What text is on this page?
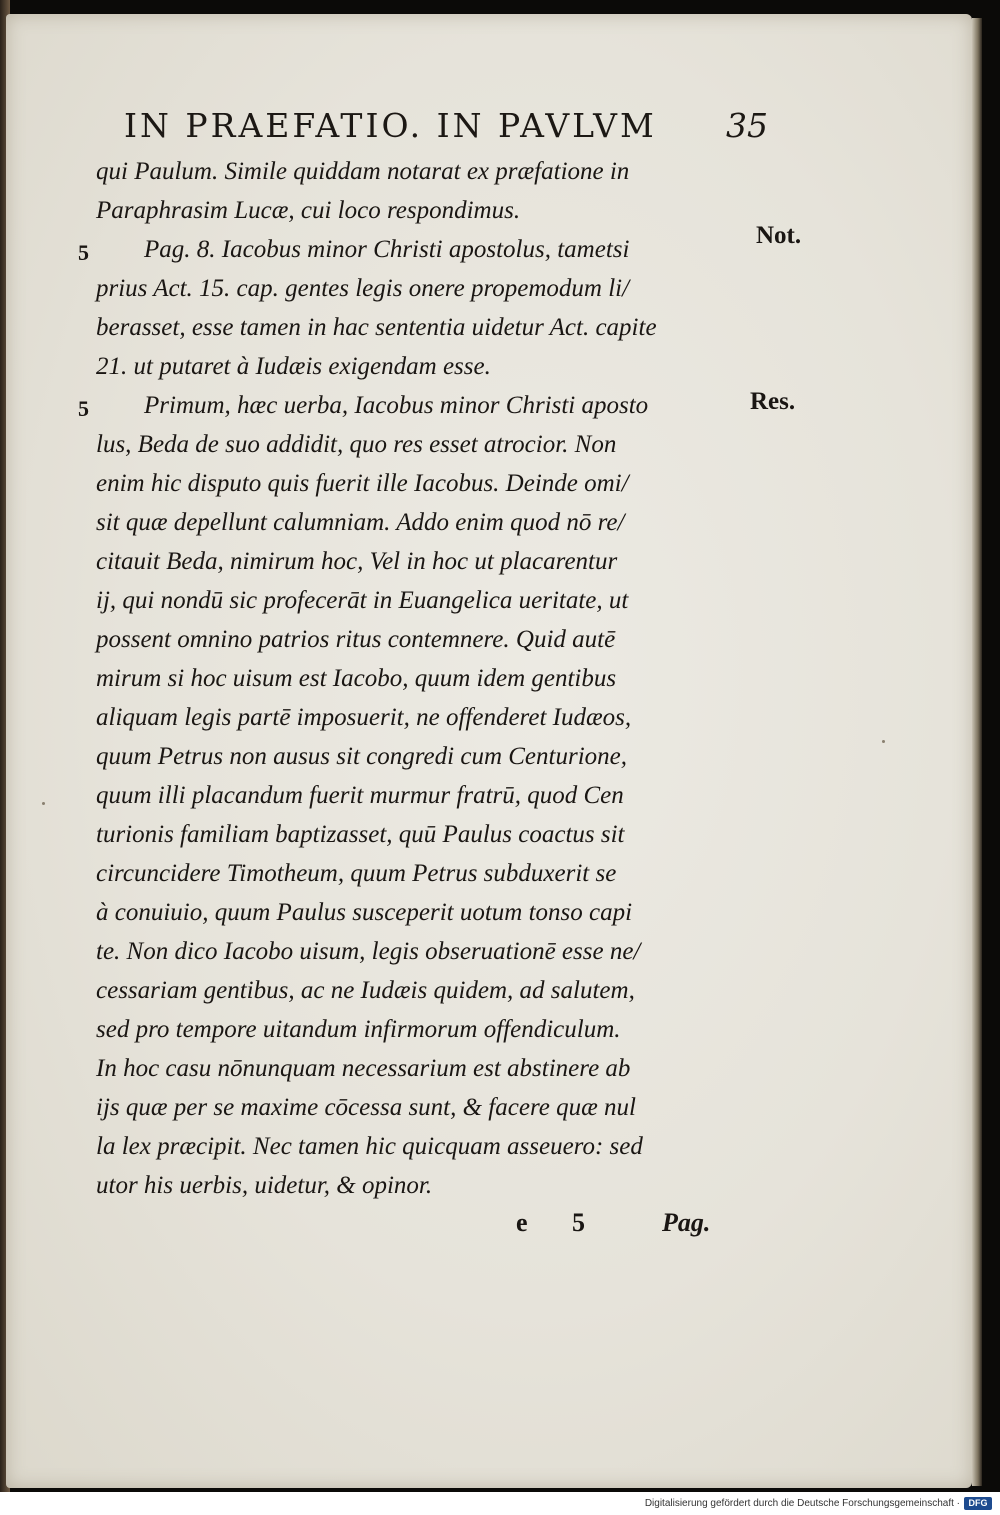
IN PRAEFATIO. IN PAVLVM 35
qui Paulum. Simile quiddam notarat ex præfatione in
Paraphrasim Lucæ, cui loco respondimus.
Pag. 8. Iacobus minor Christi apostolus, tametsi
prius Act. 15. cap. gentes legis onere propemodum li/
berasset, esse tamen in hac sententia uidetur Act. capite
21. ut putaret à Iudæis exigendam esse.
Primum, hæc uerba, Iacobus minor Christi aposto
lus, Beda de suo addidit, quo res esset atrocior. Non
enim hic disputo quis fuerit ille Iacobus. Deinde omi/
sit quæ depellunt calumniam. Addo enim quod nō re/
citauit Beda, nimirum hoc, Vel in hoc ut placarentur
ij, qui nondū sic profecerāt in Euangelica ueritate, ut
possent omnino patrios ritus contemnere. Quid autē
mirum si hoc uisum est Iacobo, quum idem gentibus
aliquam legis partē imposuerit, ne offenderet Iudæos,
quum Petrus non ausus sit congredi cum Centurione,
quum illi placandum fuerit murmur fratrū, quod Cen
turionis familiam baptizasset, quū Paulus coactus sit
circuncidere Timotheum, quum Petrus subduxerit se
à conuiuio, quum Paulus susceperit uotum tonso capi
te. Non dico Iacobo uisum, legis obseruationē esse ne/
cessariam gentibus, ac ne Iudæis quidem, ad salutem,
sed pro tempore uitandum infirmorum offendiculum.
In hoc casu nōnunquam necessarium est abstinere ab
ijs quæ per se maxime cōcessa sunt, & facere quæ nul
la lex præcipit. Nec tamen hic quicquam asseuero: sed
utor his uerbis, uidetur, & opinor.
Not.
Res.
5
5
e 5	Pag.
Digitalisierung gefördert durch die Deutsche Forschungsgemeinschaft · DFG
